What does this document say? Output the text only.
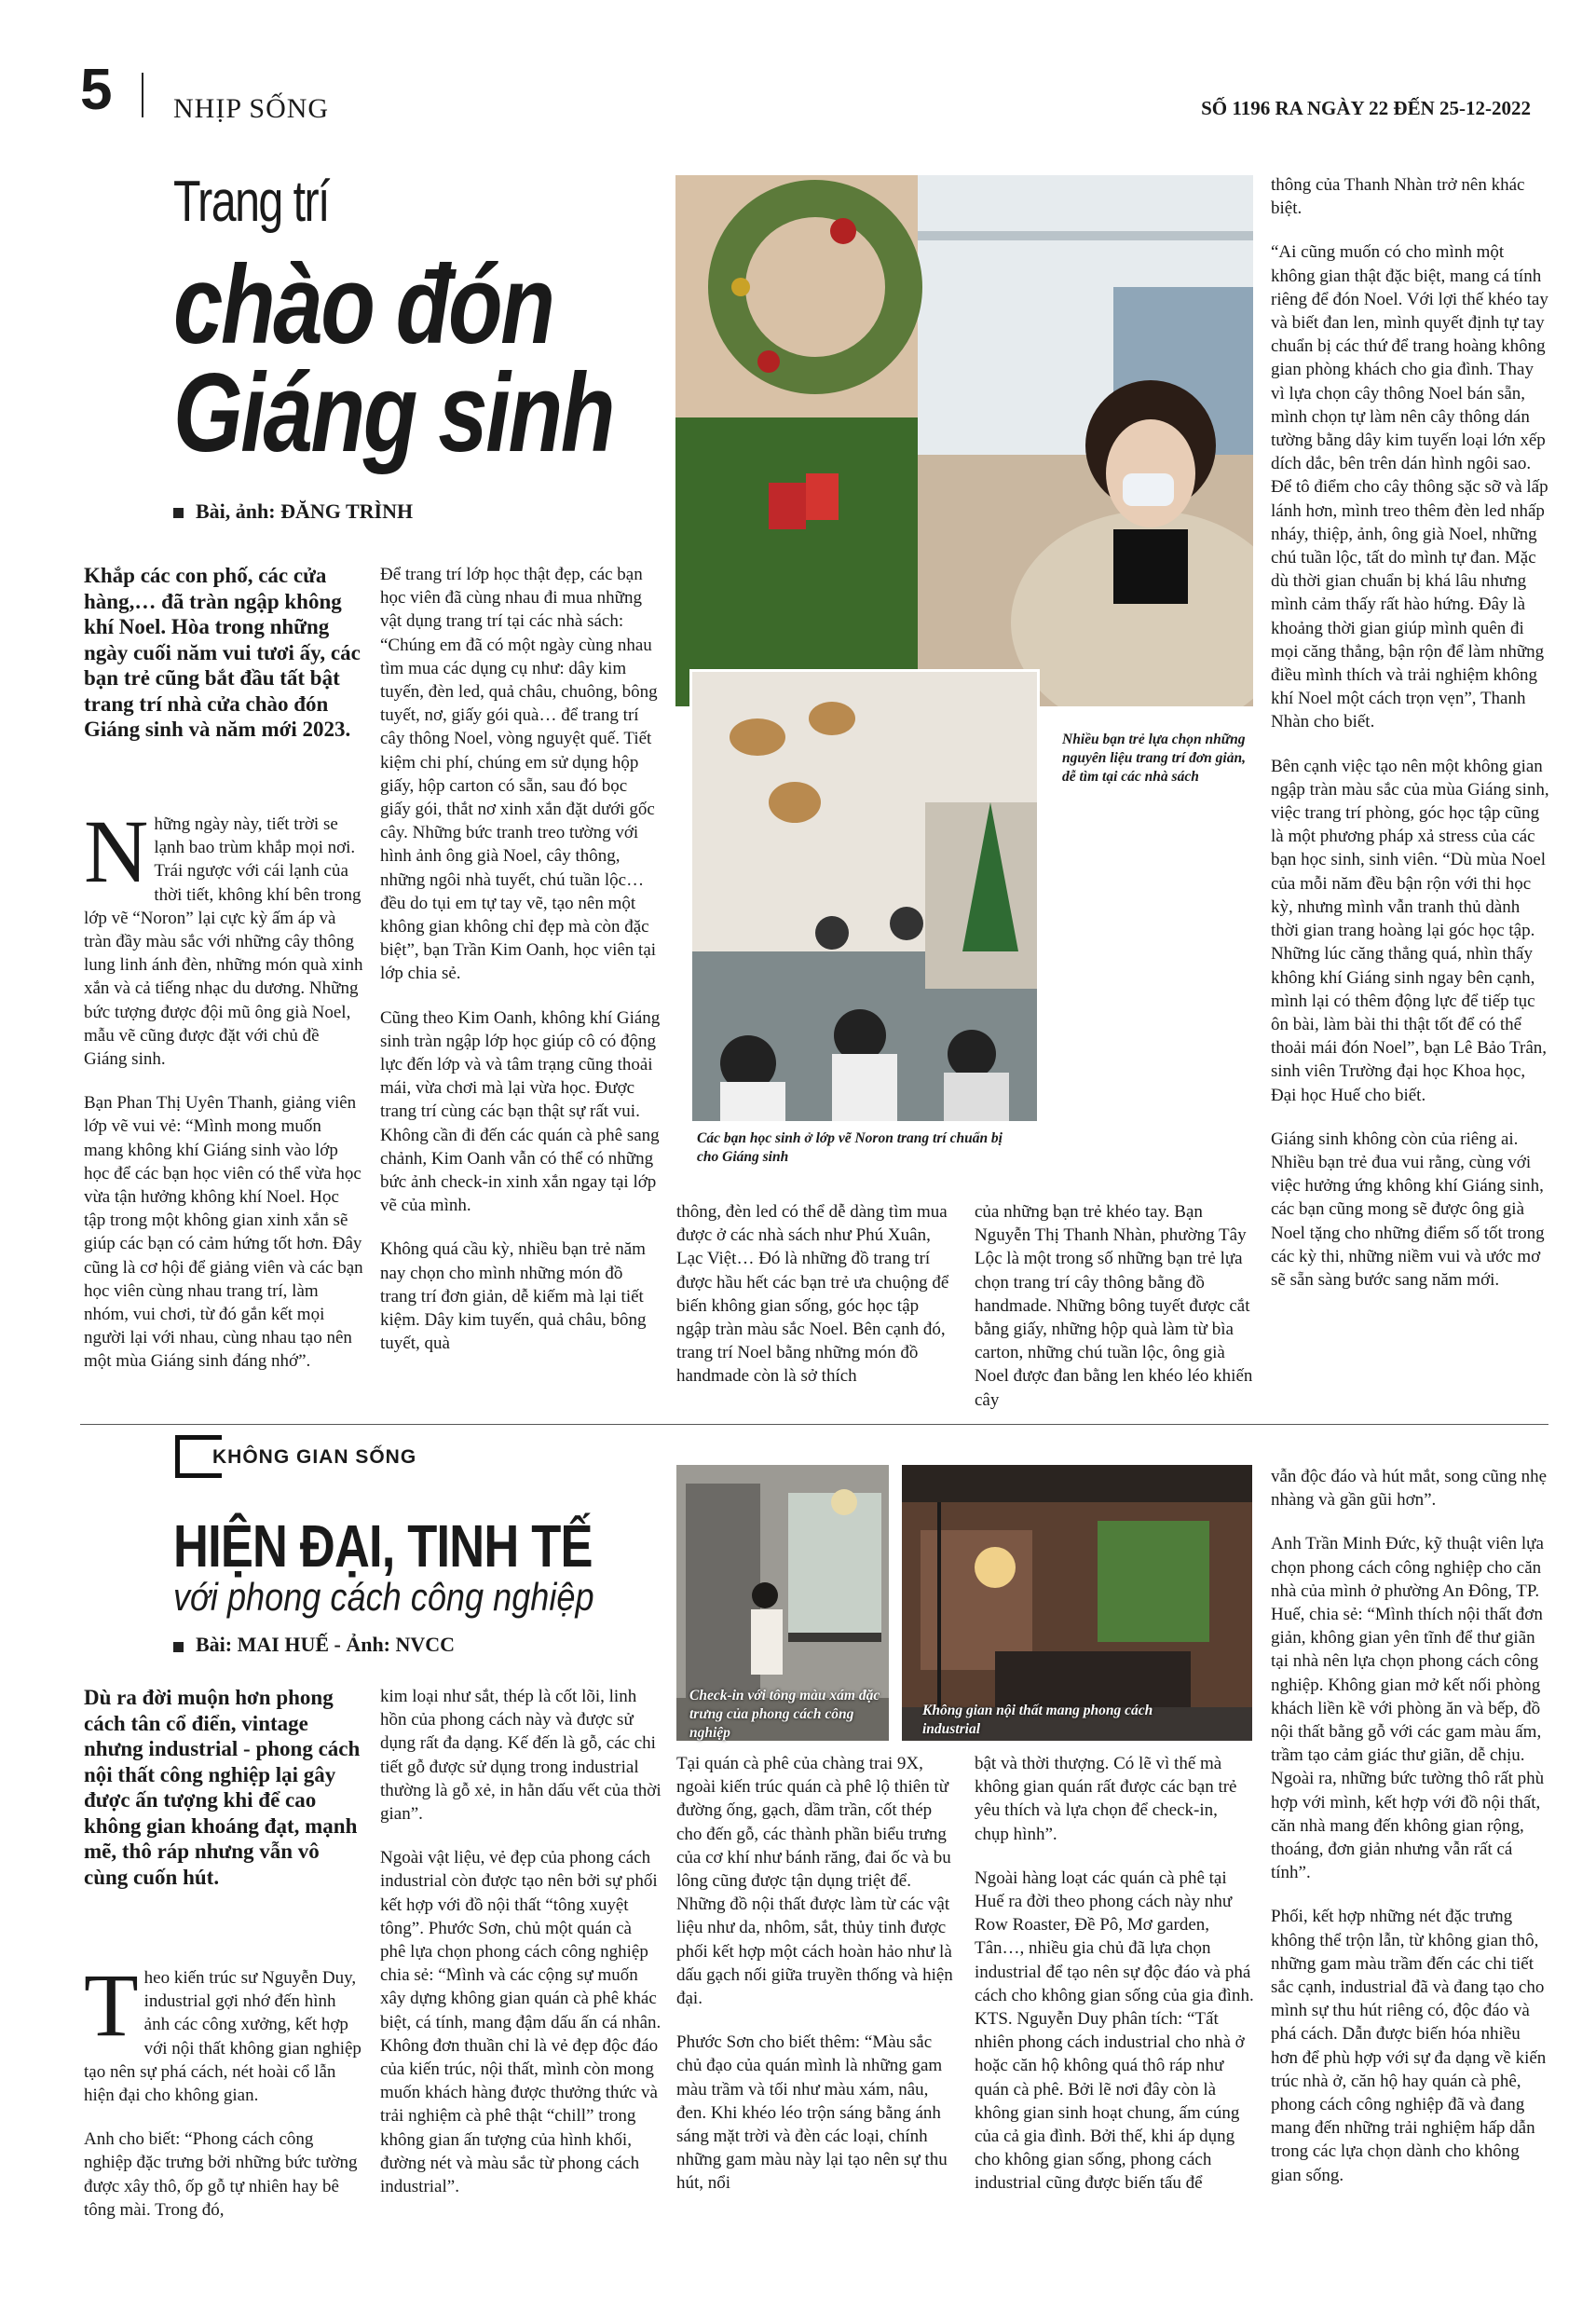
5 NHỊP SỐNG	SỐ 1196 RA NGÀY 22 ĐẾN 25-12-2022
Trang trí
chào đón
Giáng sinh
Bài, ảnh: ĐĂNG TRÌNH
Khắp các con phố, các cửa hàng,… đã tràn ngập không khí Noel. Hòa trong những ngày cuối năm vui tươi ấy, các bạn trẻ cũng bắt đầu tất bật trang trí nhà cửa chào đón Giáng sinh và năm mới 2023.

Những ngày này, tiết trời se lạnh bao trùm khắp mọi nơi. Trái ngược với cái lạnh của thời tiết, không khí bên trong lớp vẽ “Noron” lại cực kỳ ấm áp và tràn đầy màu sắc với những cây thông lung linh ánh đèn, những món quà xinh xắn và cả tiếng nhạc du dương. Những bức tượng được đội mũ ông già Noel, mẫu vẽ cũng được đặt với chủ đề Giáng sinh.

Bạn Phan Thị Uyên Thanh, giảng viên lớp vẽ vui vẻ: “Mình mong muốn mang không khí Giáng sinh vào lớp học để các bạn học viên có thể vừa học vừa tận hưởng không khí Noel. Học tập trong một không gian xinh xắn sẽ giúp các bạn có cảm hứng tốt hơn. Đây cũng là cơ hội để giảng viên và các bạn học viên cùng nhau trang trí, làm nhóm, vui chơi, từ đó gắn kết mọi người lại với nhau, cùng nhau tạo nên một mùa Giáng sinh đáng nhớ”.

Để trang trí lớp học thật đẹp, các bạn học viên đã cùng nhau đi mua những vật dụng trang trí tại các nhà sách: “Chúng em đã có một ngày cùng nhau tìm mua các dụng cụ như: dây kim tuyến, đèn led, quả châu, chuông, bông tuyết, nơ, giấy gói quà… để trang trí cây thông Noel, vòng nguyệt quế. Tiết kiệm chi phí, chúng em sử dụng hộp giấy, hộp carton có sẵn, sau đó bọc giấy gói, thắt nơ xinh xắn đặt dưới gốc cây. Những bức tranh treo tường với hình ảnh ông già Noel, cây thông, những ngôi nhà tuyết, chú tuần lộc… đều do tụi em tự tay vẽ, tạo nên một không gian không chỉ đẹp mà còn đặc biệt”, bạn Trần Kim Oanh, học viên tại lớp chia sẻ.

Cũng theo Kim Oanh, không khí Giáng sinh tràn ngập lớp học giúp cô có động lực đến lớp và và tâm trạng cũng thoải mái, vừa chơi mà lại vừa học. Được trang trí cùng các bạn thật sự rất vui. Không cần đi đến các quán cà phê sang chảnh, Kim Oanh vẫn có thể có những bức ảnh check-in xinh xắn ngay tại lớp vẽ của mình.

Không quá cầu kỳ, nhiều bạn trẻ năm nay chọn cho mình những món đồ trang trí đơn giản, dễ kiếm mà lại tiết kiệm. Dây kim tuyến, quả châu, bông tuyết, quà

Nhiều bạn trẻ lựa chọn những nguyên liệu trang trí đơn giản, dễ tìm tại các nhà sách
Các bạn học sinh ở lớp vẽ Noron trang trí chuẩn bị cho Giáng sinh

thông, đèn led có thể dễ dàng tìm mua được ở các nhà sách như Phú Xuân, Lạc Việt… Đó là những đồ trang trí được hầu hết các bạn trẻ ưa chuộng để biến không gian sống, góc học tập ngập tràn màu sắc Noel. Bên cạnh đó, trang trí Noel bằng những món đồ handmade còn là sở thích

của những bạn trẻ khéo tay. Bạn Nguyễn Thị Thanh Nhàn, phường Tây Lộc là một trong số những bạn trẻ lựa chọn trang trí cây thông bằng đồ handmade. Những bông tuyết được cắt bằng giấy, những hộp quà làm từ bìa carton, những chú tuần lộc, ông già Noel được đan bằng len khéo léo khiến cây

thông của Thanh Nhàn trở nên khác biệt.

“Ai cũng muốn có cho mình một không gian thật đặc biệt, mang cá tính riêng để đón Noel. Với lợi thế khéo tay và biết đan len, mình quyết định tự tay chuẩn bị các thứ để trang hoàng không gian phòng khách cho gia đình. Thay vì lựa chọn cây thông Noel bán sẵn, mình chọn tự làm nên cây thông dán tường bằng dây kim tuyến loại lớn xếp dích dắc, bên trên dán hình ngôi sao. Để tô điểm cho cây thông sặc sỡ và lấp lánh hơn, mình treo thêm đèn led nhấp nháy, thiệp, ảnh, ông già Noel, những chú tuần lộc, tất do mình tự đan. Mặc dù thời gian chuẩn bị khá lâu nhưng mình cảm thấy rất hào hứng. Đây là khoảng thời gian giúp mình quên đi mọi căng thẳng, bận rộn để làm những điều mình thích và trải nghiệm không khí Noel một cách trọn vẹn”, Thanh Nhàn cho biết.

Bên cạnh việc tạo nên một không gian ngập tràn màu sắc của mùa Giáng sinh, việc trang trí phòng, góc học tập cũng là một phương pháp xả stress của các bạn học sinh, sinh viên. “Dù mùa Noel của mỗi năm đều bận rộn với thi học kỳ, nhưng mình vẫn tranh thủ dành thời gian trang hoàng lại góc học tập. Những lúc căng thẳng quá, nhìn thấy không khí Giáng sinh ngay bên cạnh, mình lại có thêm động lực để tiếp tục ôn bài, làm bài thi thật tốt để có thể thoải mái đón Noel”, bạn Lê Bảo Trân, sinh viên Trường đại học Khoa học, Đại học Huế cho biết.

Giáng sinh không còn của riêng ai. Nhiều bạn trẻ đua vui rằng, cùng với việc hưởng ứng không khí Giáng sinh, các bạn cũng mong sẽ được ông già Noel tặng cho những điểm số tốt trong các kỳ thi, những niềm vui và ước mơ sẽ sẵn sàng bước sang năm mới.

KHÔNG GIAN SỐNG
HIỆN ĐẠI, TINH TẾ
với phong cách công nghiệp
Bài: MAI HUẾ - Ảnh: NVCC
Dù ra đời muộn hơn phong cách tân cổ điển, vintage nhưng industrial - phong cách nội thất công nghiệp lại gây được ấn tượng khi để cao không gian khoáng đạt, mạnh mẽ, thô ráp nhưng vẫn vô cùng cuốn hút.

Theo kiến trúc sư Nguyễn Duy, industrial gợi nhớ đến hình ảnh các công xưởng, kết hợp với nội thất không gian nghiệp tạo nên sự phá cách, nét hoài cổ lẫn hiện đại cho không gian.

Anh cho biết: “Phong cách công nghiệp đặc trưng bởi những bức tường được xây thô, ốp gỗ tự nhiên hay bê tông mài. Trong đó,

kim loại như sắt, thép là cốt lõi, linh hồn của phong cách này và được sử dụng rất đa dạng. Kế đến là gỗ, các chi tiết gỗ được sử dụng trong industrial thường là gỗ xẻ, in hằn dấu vết của thời gian”.

Ngoài vật liệu, vẻ đẹp của phong cách industrial còn được tạo nên bởi sự phối kết hợp với đồ nội thất “tông xuyệt tông”. Phước Sơn, chủ một quán cà phê lựa chọn phong cách công nghiệp chia sẻ: “Mình và các cộng sự muốn xây dựng không gian quán cà phê khác biệt, cá tính, mang đậm dấu ấn cá nhân. Không đơn thuần chỉ là vẻ đẹp độc đáo của kiến trúc, nội thất, mình còn mong muốn khách hàng được thưởng thức và trải nghiệm cà phê thật “chill” trong không gian ấn tượng của hình khối, đường nét và màu sắc từ phong cách industrial”.

Check-in với tông màu xám đặc trưng của phong cách công nghiệp
Không gian nội thất mang phong cách industrial

Tại quán cà phê của chàng trai 9X, ngoài kiến trúc quán cà phê lộ thiên từ đường ống, gạch, dầm trần, cốt thép cho đến gỗ, các thành phần biểu trưng của cơ khí như bánh răng, đai ốc và bu lông cũng được tận dụng triệt để. Những đồ nội thất được làm từ các vật liệu như da, nhôm, sắt, thủy tinh được phối kết hợp một cách hoàn hảo như là dấu gạch nối giữa truyền thống và hiện đại.

Phước Sơn cho biết thêm: “Màu sắc chủ đạo của quán mình là những gam màu trầm và tối như màu xám, nâu, đen. Khi khéo léo trộn sáng bằng ánh sáng mặt trời và đèn các loại, chính những gam màu này lại tạo nên sự thu hút, nổi

bật và thời thượng. Có lẽ vì thế mà không gian quán rất được các bạn trẻ yêu thích và lựa chọn để check-in, chụp hình”.

Ngoài hàng loạt các quán cà phê tại Huế ra đời theo phong cách này như Row Roaster, Đề Pô, Mơ garden, Tân…, nhiều gia chủ đã lựa chọn industrial để tạo nên sự độc đáo và phá cách cho không gian sống của gia đình. KTS. Nguyễn Duy phân tích: “Tất nhiên phong cách industrial cho nhà ở hoặc căn hộ không quá thô ráp như quán cà phê. Bởi lẽ nơi đây còn là không gian sinh hoạt chung, ấm cúng của cả gia đình. Bởi thế, khi áp dụng cho không gian sống, phong cách industrial cũng được biến tấu để

vẫn độc đáo và hút mắt, song cũng nhẹ nhàng và gần gũi hơn”.

Anh Trần Minh Đức, kỹ thuật viên lựa chọn phong cách công nghiệp cho căn nhà của mình ở phường An Đông, TP. Huế, chia sẻ: “Mình thích nội thất đơn giản, không gian yên tĩnh để thư giãn tại nhà nên lựa chọn phong cách công nghiệp. Không gian mở kết nối phòng khách liền kề với phòng ăn và bếp, đồ nội thất bằng gỗ với các gam màu ấm, trầm tạo cảm giác thư giãn, dễ chịu. Ngoài ra, những bức tường thô rất phù hợp với mình, kết hợp với đồ nội thất, căn nhà mang đến không gian rộng, thoáng, đơn giản nhưng vẫn rất cá tính”.

Phối, kết hợp những nét đặc trưng không thể trộn lẫn, từ không gian thô, những gam màu trầm đến các chi tiết sắc cạnh, industrial đã và đang tạo cho mình sự thu hút riêng có, độc đáo và phá cách. Dẫn được biến hóa nhiều hơn để phù hợp với sự đa dạng về kiến trúc nhà ở, căn hộ hay quán cà phê, phong cách công nghiệp đã và đang mang đến những trải nghiệm hấp dẫn trong các lựa chọn dành cho không gian sống.
